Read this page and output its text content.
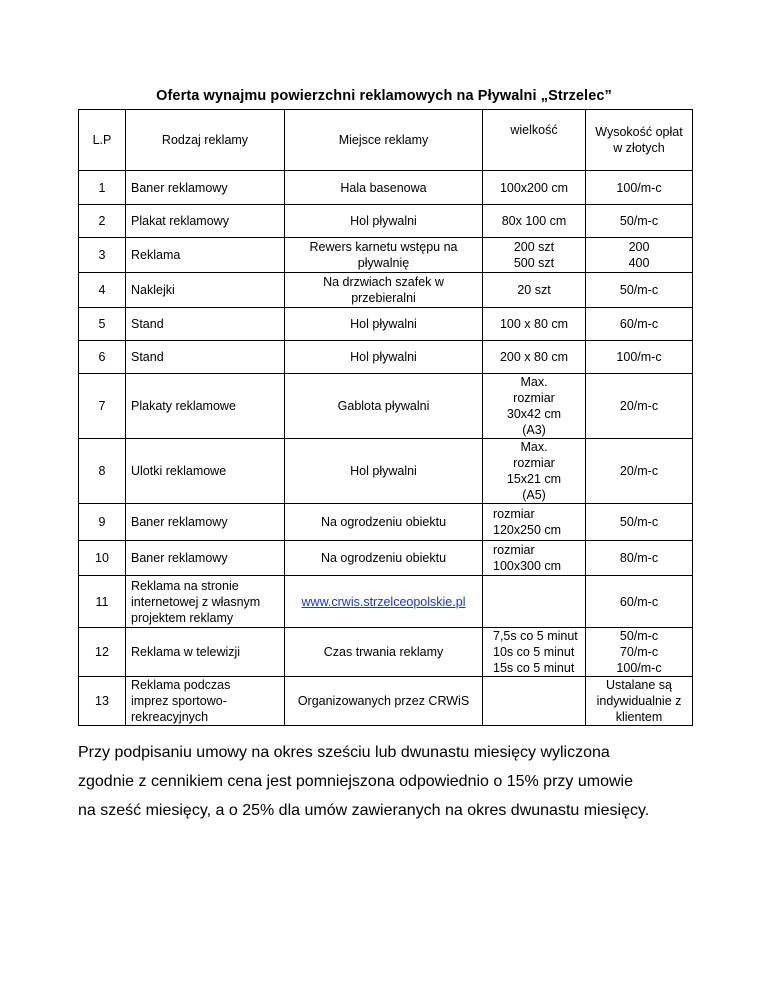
Oferta wynajmu powierzchni reklamowych na Pływalni „Strzelec”
L.P	Rodzaj reklamy	Miejsce reklamy	wielkość	Wysokość opłat
w złotych

1	Baner reklamowy	Hala basenowa	100x200 cm	100/m-c

2	Plakat reklamowy	Hol pływalni	80x 100 cm	50/m-c

3	Reklama	Rewers karnetu wstępu na
pływalnię	200 szt
500 szt	200
400

4	Naklejki	Na drzwiach szafek w
przebieralni	20 szt	50/m-c

5	Stand	Hol pływalni	100 x 80 cm	60/m-c

6	Stand	Hol pływalni	200 x 80 cm	100/m-c

7	Plakaty reklamowe	Gablota pływalni	Max.
rozmiar
30x42 cm
(A3)	20/m-c

8	Ulotki reklamowe	Hol pływalni	Max.
rozmiar
15x21 cm
(A5)	20/m-c

9	Baner reklamowy	Na ogrodzeniu obiektu	rozmiar
120x250 cm	50/m-c

10	Baner reklamowy	Na ogrodzeniu obiektu	rozmiar
100x300 cm	80/m-c

11	Reklama na stronie
internetowej z własnym
projektem reklamy	www.crwis.strzelceopolskie.pl		60/m-c

12	Reklama w telewizji	Czas trwania reklamy	7,5s co 5 minut
10s co 5 minut
15s co 5 minut	50/m-c
70/m-c
100/m-c

13	Reklama podczas
imprez sportowo-
rekreacyjnych	Organizowanych przez CRWiS		Ustalane są
indywidualnie z
klientem
Przy podpisaniu umowy na okres sześciu lub dwunastu miesięcy wyliczona
zgodnie z cennikiem cena jest pomniejszona odpowiednio o 15% przy umowie
na sześć miesięcy, a o 25% dla umów zawieranych na okres dwunastu miesięcy.
